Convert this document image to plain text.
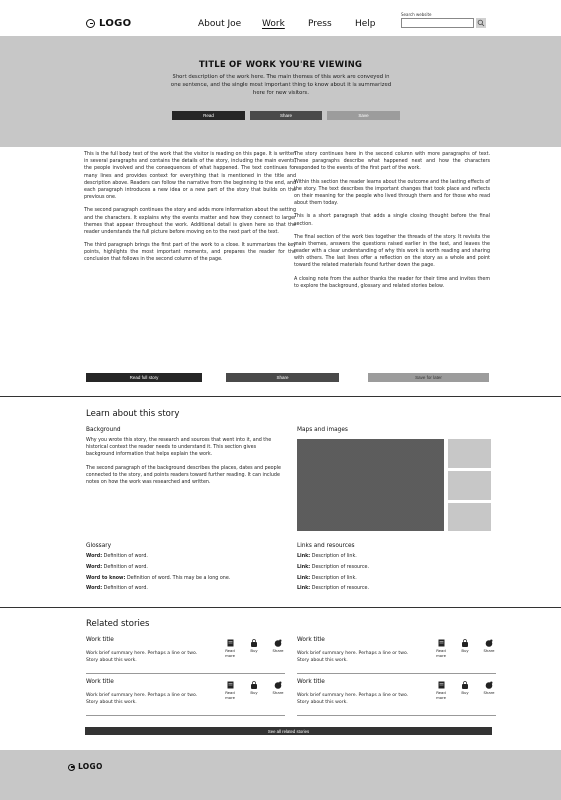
LOGO	About Joe	Work	Press	Help
Search website
TITLE OF WORK YOU'RE VIEWING
Short description of the work here. The main themes of this work are conveyed in one sentence, and the single most important thing to know about it is summarized here for new visitors.
Read	Share	Save

This is the full body text of the work that the visitor is reading on this page. It is written in several paragraphs and contains the details of the story, including the main events, the people involved and the consequences of what happened. The text continues for many lines and provides context for everything that is mentioned in the title and description above. Readers can follow the narrative from the beginning to the end, and each paragraph introduces a new idea or a new part of the story that builds on the previous one.

The second paragraph continues the story and adds more information about the setting and the characters. It explains why the events matter and how they connect to larger themes that appear throughout the work. Additional detail is given here so that the reader understands the full picture before moving on to the next part of the text.

The third paragraph brings the first part of the work to a close. It summarizes the key points, highlights the most important moments, and prepares the reader for the conclusion that follows in the second column of the page.

The story continues here in the second column with more paragraphs of text. These paragraphs describe what happened next and how the characters responded to the events of the first part of the work.

Within this section the reader learns about the outcome and the lasting effects of the story. The text describes the important changes that took place and reflects on their meaning for the people who lived through them and for those who read about them today.

This is a short paragraph that adds a single closing thought before the final section.

The final section of the work ties together the threads of the story. It revisits the main themes, answers the questions raised earlier in the text, and leaves the reader with a clear understanding of why this work is worth reading and sharing with others. The last lines offer a reflection on the story as a whole and point toward the related materials found further down the page.

A closing note from the author thanks the reader for their time and invites them to explore the background, glossary and related stories below.

Read full story	Share	Save for later
Learn about this story
Background

Why you wrote this story, the research and sources that went into it, and the historical context the reader needs to understand it. This section gives background information that helps explain the work.

The second paragraph of the background describes the places, dates and people connected to the story, and points readers toward further reading. It can include notes on how the work was researched and written.

Maps and images
Glossary
Word: Definition of word.
Word: Definition of word.
Word to know: Definition of word. This may be a long one.
Word: Definition of word.
Links and resources
Link: Description of link.
Link: Description of resource.
Link: Description of link.
Link: Description of resource.
Related stories
Work title
Work brief summary here. Perhaps a line or two. Story about this work.
Read more
Buy	Share
Work title
Work brief summary here. Perhaps a line or two. Story about this work.
Read more
Buy	Share
Work title
Work brief summary here. Perhaps a line or two. Story about this work.
Read more
Buy	Share
Work title
Work brief summary here. Perhaps a line or two. Story about this work.
Read more
Buy	Share
See all related stories
LOGO
